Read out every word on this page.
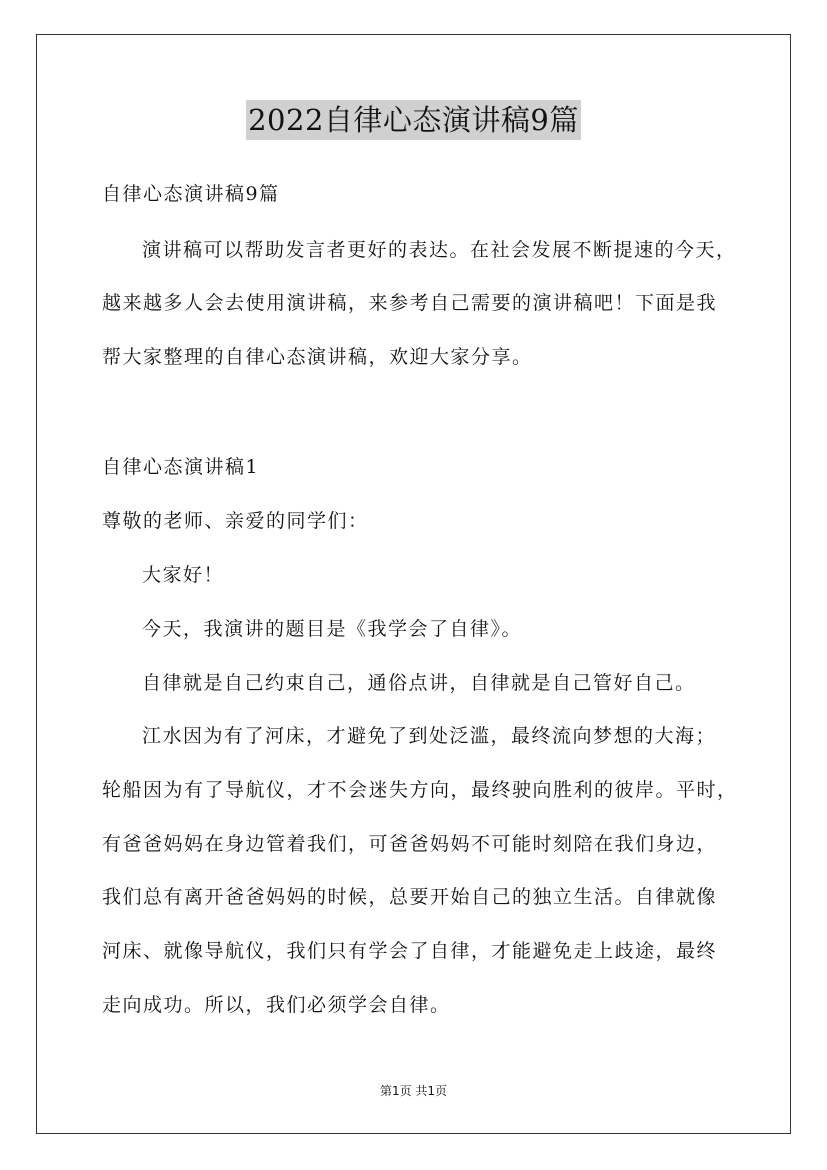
2022自律心态演讲稿9篇
自律心态演讲稿9篇
演讲稿可以帮助发言者更好的表达。在社会发展不断提速的今天，
越来越多人会去使用演讲稿，来参考自己需要的演讲稿吧！下面是我
帮大家整理的自律心态演讲稿，欢迎大家分享。
自律心态演讲稿1
尊敬的老师、亲爱的同学们：
大家好！
今天，我演讲的题目是《我学会了自律》。
自律就是自己约束自己，通俗点讲，自律就是自己管好自己。
江水因为有了河床，才避免了到处泛滥，最终流向梦想的大海；
轮船因为有了导航仪，才不会迷失方向，最终驶向胜利的彼岸。平时，
有爸爸妈妈在身边管着我们，可爸爸妈妈不可能时刻陪在我们身边，
我们总有离开爸爸妈妈的时候，总要开始自己的独立生活。自律就像
河床、就像导航仪，我们只有学会了自律，才能避免走上歧途，最终
走向成功。所以，我们必须学会自律。
第1页 共1页
